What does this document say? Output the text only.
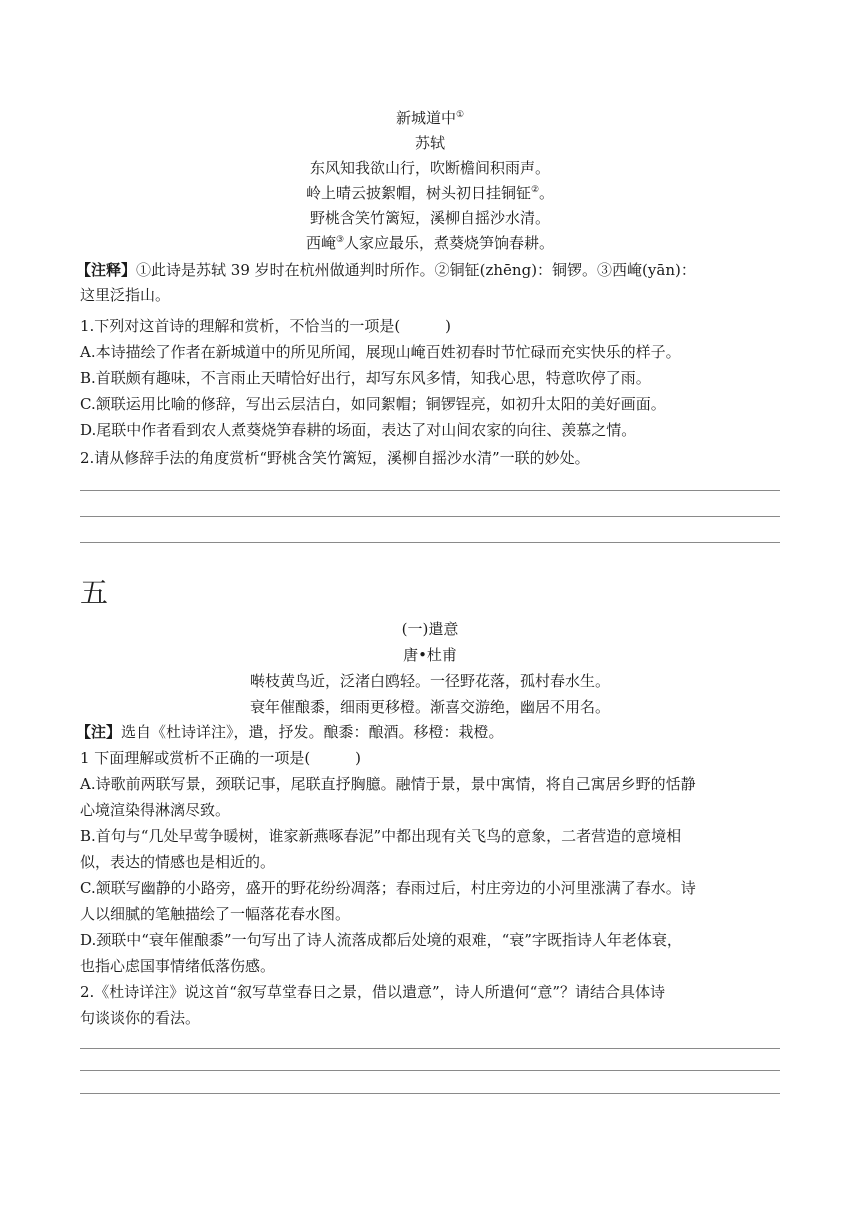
新城道中①
苏轼
东风知我欲山行，吹断檐间积雨声。
岭上晴云披絮帽，树头初日挂铜钲②。
野桃含笑竹篱短，溪柳自摇沙水清。
西崦③人家应最乐，煮葵烧笋饷春耕。
【注释】①此诗是苏轼 39 岁时在杭州做通判时所作。②铜钲(zhēng)：铜锣。③西崦(yān)：
这里泛指山。
1.下列对这首诗的理解和赏析，不恰当的一项是(　　　)
A.本诗描绘了作者在新城道中的所见所闻，展现山崦百姓初春时节忙碌而充实快乐的样子。
B.首联颇有趣味，不言雨止天晴恰好出行，却写东风多情，知我心思，特意吹停了雨。
C.颔联运用比喻的修辞，写出云层洁白，如同絮帽；铜锣锃亮，如初升太阳的美好画面。
D.尾联中作者看到农人煮葵烧笋春耕的场面，表达了对山间农家的向往、羡慕之情。
2.请从修辞手法的角度赏析“野桃含笑竹篱短，溪柳自摇沙水清”一联的妙处。
五
(一)遣意
唐•杜甫
啭枝黄鸟近，泛渚白鸥轻。一径野花落，孤村春水生。
衰年催酿黍，细雨更移橙。渐喜交游绝，幽居不用名。
【注】选自《杜诗详注》，遣，抒发。酿黍：酿酒。移橙：栽橙。
1 下面理解或赏析不正确的一项是(　　　)
A.诗歌前两联写景，颈联记事，尾联直抒胸臆。融情于景，景中寓情，将自己寓居乡野的恬静
心境渲染得淋漓尽致。
B.首句与“几处早莺争暖树，谁家新燕啄春泥”中都出现有关飞鸟的意象，二者营造的意境相
似，表达的情感也是相近的。
C.颔联写幽静的小路旁，盛开的野花纷纷凋落；春雨过后，村庄旁边的小河里涨满了春水。诗
人以细腻的笔触描绘了一幅落花春水图。
D.颈联中“衰年催酿黍”一句写出了诗人流落成都后处境的艰难，“衰”字既指诗人年老体衰，
也指心虑国事情绪低落伤感。
2.《杜诗详注》说这首“叙写草堂春日之景，借以遣意”，诗人所遣何“意”？请结合具体诗
句谈谈你的看法。
